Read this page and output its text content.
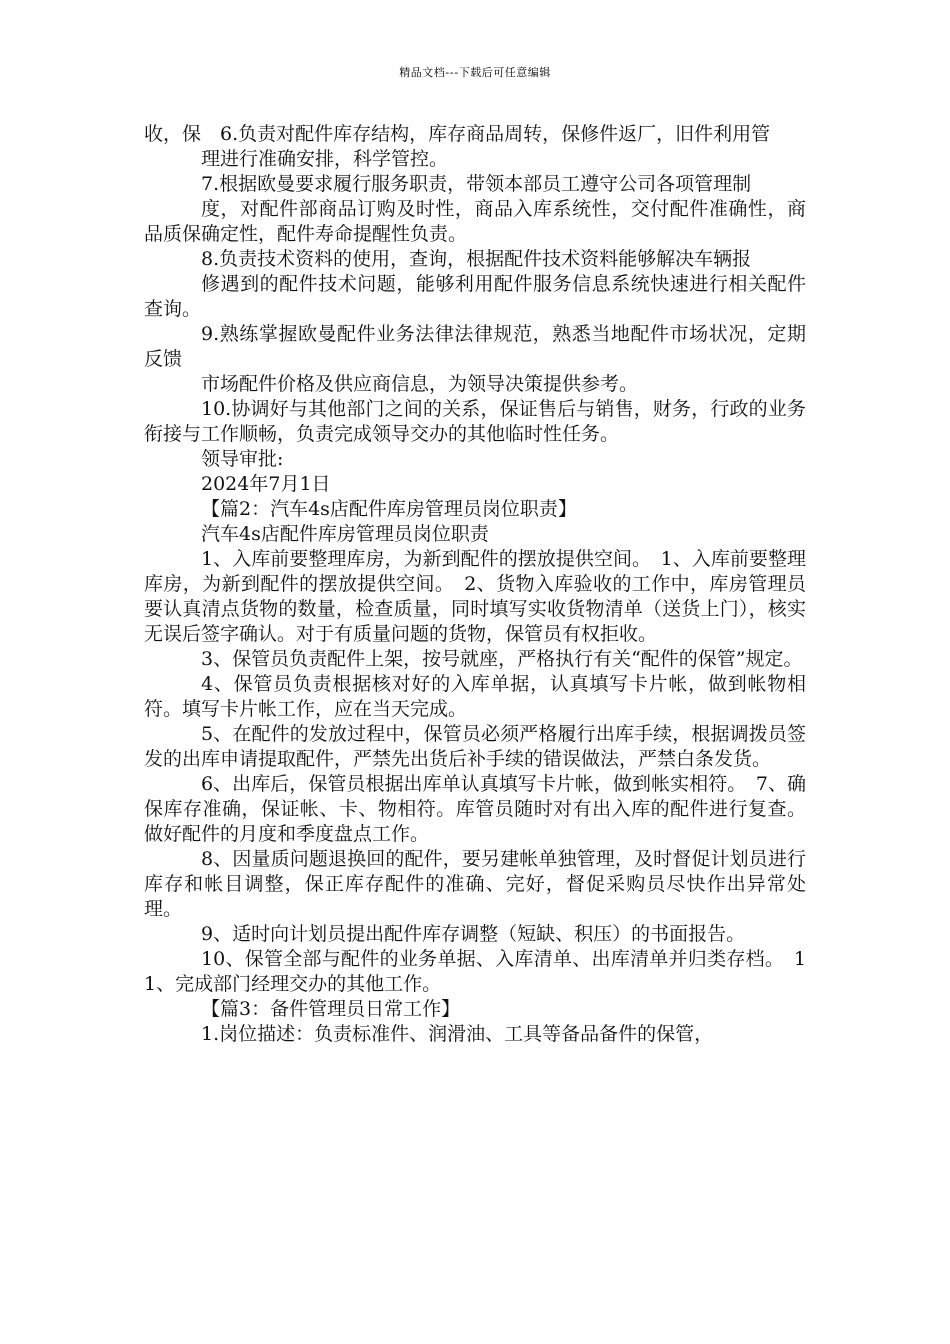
精品文档---下载后可任意编辑

收，保　6.负责对配件库存结构，库存商品周转，保修件返厂，旧件利用管

理进行准确安排，科学管控。

7.根据欧曼要求履行服务职责，带领本部员工遵守公司各项管理制

度，对配件部商品订购及时性，商品入库系统性，交付配件准确性，商品质保确定性，配件寿命提醒性负责。

8.负责技术资料的使用，查询，根据配件技术资料能够解决车辆报

修遇到的配件技术问题，能够利用配件服务信息系统快速进行相关配件查询。

9.熟练掌握欧曼配件业务法律法律规范，熟悉当地配件市场状况，定期反馈

市场配件价格及供应商信息，为领导决策提供参考。

10.协调好与其他部门之间的关系，保证售后与销售，财务，行政的业务衔接与工作顺畅，负责完成领导交办的其他临时性任务。

领导审批:

2024年7月1日

【篇2：汽车4s店配件库房管理员岗位职责】

汽车4s店配件库房管理员岗位职责

1、入库前要整理库房，为新到配件的摆放提供空间。　1、入库前要整理库房，为新到配件的摆放提供空间。　2、货物入库验收的工作中，库房管理员要认真清点货物的数量，检查质量，同时填写实收货物清单（送货上门），核实无误后签字确认。对于有质量问题的货物，保管员有权拒收。

3、保管员负责配件上架，按号就座，严格执行有关“配件的保管”规定。

4、保管员负责根据核对好的入库单据，认真填写卡片帐，做到帐物相符。填写卡片帐工作，应在当天完成。

5、在配件的发放过程中，保管员必须严格履行出库手续，根据调拨员签发的出库申请提取配件，严禁先出货后补手续的错误做法，严禁白条发货。

6、出库后，保管员根据出库单认真填写卡片帐，做到帐实相符。　7、确保库存准确，保证帐、卡、物相符。库管员随时对有出入库的配件进行复查。做好配件的月度和季度盘点工作。

8、因量质问题退换回的配件，要另建帐单独管理，及时督促计划员进行库存和帐目调整，保正库存配件的准确、完好，督促采购员尽快作出异常处理。

9、适时向计划员提出配件库存调整（短缺、积压）的书面报告。

10、保管全部与配件的业务单据、入库清单、出库清单并归类存档。　11、完成部门经理交办的其他工作。

【篇3：备件管理员日常工作】

1.岗位描述：负责标准件、润滑油、工具等备品备件的保管，
